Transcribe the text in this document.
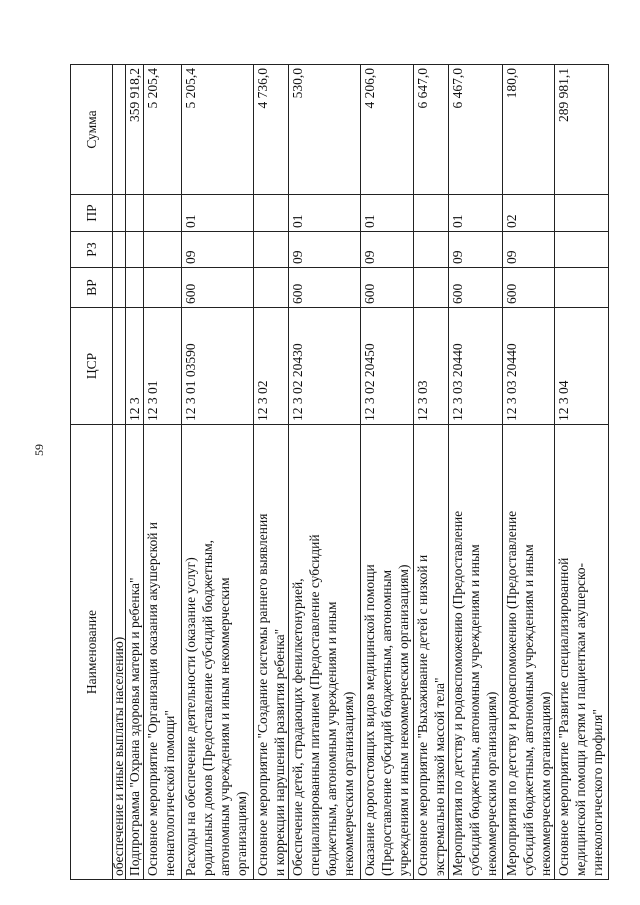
59
Наименование	ЦСР	ВР	РЗ	ПР	Сумма
обеспечение и иные выплаты населению)					
Подпрограмма "Охрана здоровья матери и ребенка"	12 3				359 918,2
Основное мероприятие "Организация оказания акушерской и
неонатологической помощи"	12 3 01				5 205,4
Расходы на обеспечение деятельности (оказание услуг)
родильных домов (Предоставление субсидий бюджетным,
автономным учреждениям и иным некоммерческим
организациям)	12 3 01 03590	600	09	01	5 205,4
Основное мероприятие "Создание системы раннего выявления
и коррекции нарушений развития ребенка"	12 3 02				4 736,0
Обеспечение детей, страдающих фенилкетонурией,
специализированным питанием (Предоставление субсидий
бюджетным, автономным учреждениям и иным
некоммерческим организациям)	12 3 02 20430	600	09	01	530,0
Оказание дорогостоящих видов медицинской помощи
(Предоставление субсидий бюджетным, автономным
учреждениям и иным некоммерческим организациям)	12 3 02 20450	600	09	01	4 206,0
Основное мероприятие "Выхаживание детей с низкой и
экстремально низкой массой тела"	12 3 03				6 647,0
Мероприятия по детству и родовспоможению (Предоставление
субсидий бюджетным, автономным учреждениям и иным
некоммерческим организациям)	12 3 03 20440	600	09	01	6 467,0
Мероприятия по детству и родовспоможению (Предоставление
субсидий бюджетным, автономным учреждениям и иным
некоммерческим организациям)	12 3 03 20440	600	09	02	180,0
Основное мероприятие "Развитие специализированной
медицинской помощи детям и пациенткам акушерско-
гинекологического профиля"	12 3 04				289 981,1
